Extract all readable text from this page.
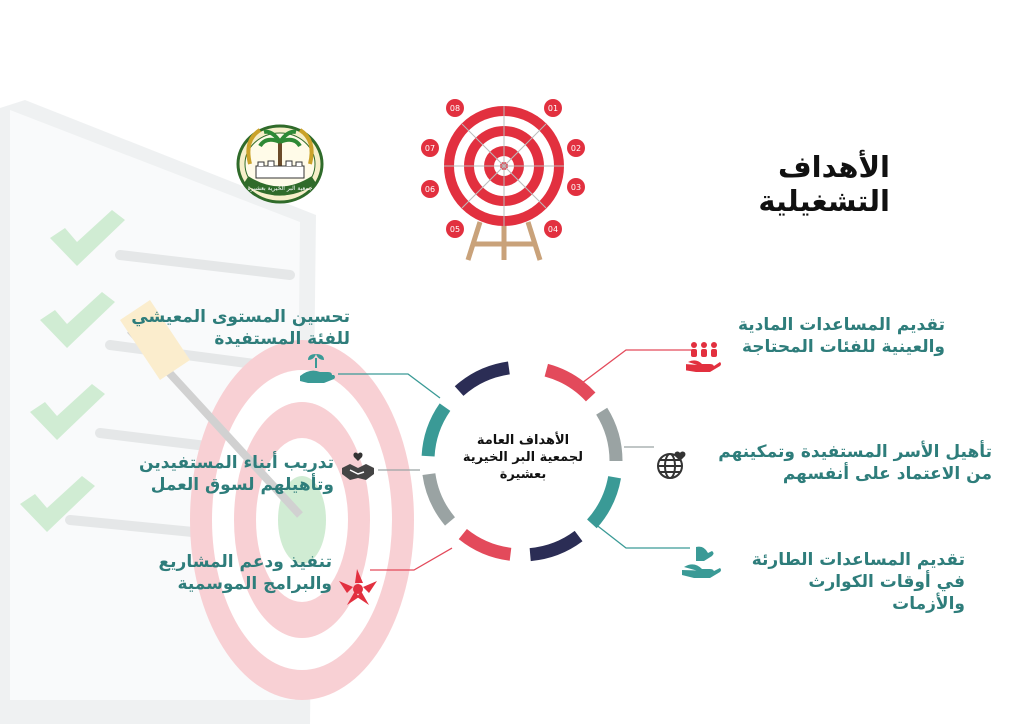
جمعية البر الخيرية بعشيرة
01
02
03
04
05
06
07
08
الأهداف التشغيلية
الأهداف العامة لجمعية البر الخيرية بعشيرة
تقديم المساعدات المادية
والعينية للفئات المحتاجة
تأهيل الأسر المستفيدة وتمكينهم
من الاعتماد على أنفسهم
تقديم المساعدات الطارئة
في أوقات الكوارث والأزمات
تحسين المستوى المعيشي
للفئة المستفيدة
تدريب أبناء المستفيدين
وتأهيلهم لسوق العمل
تنفيذ ودعم المشاريع
والبرامج الموسمية
